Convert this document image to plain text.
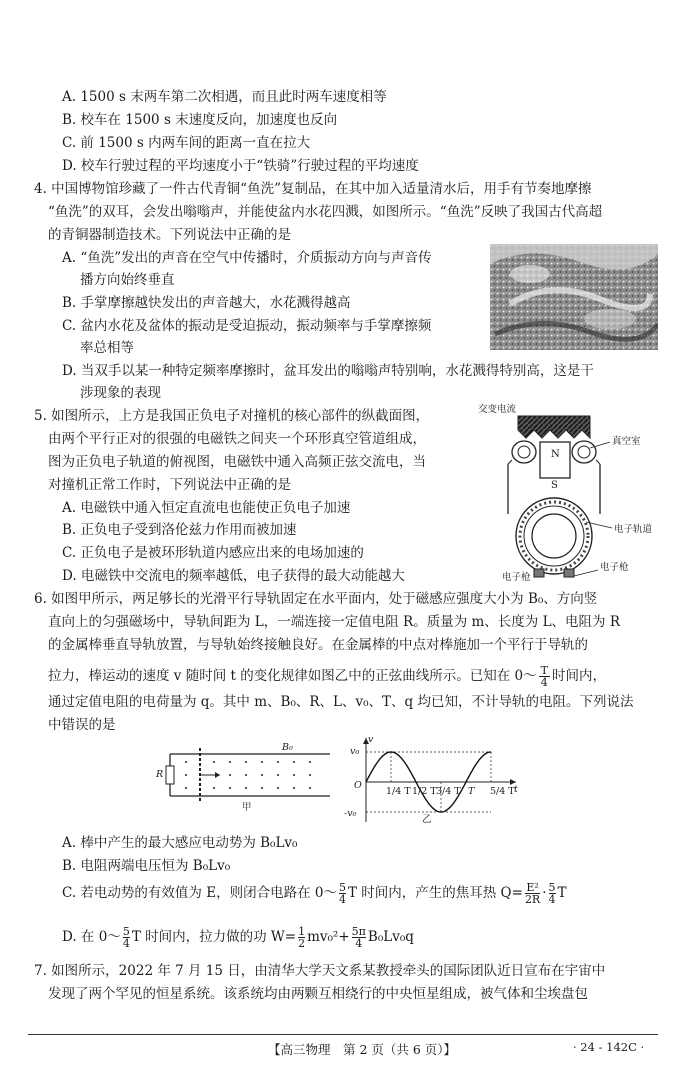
A. 1500 s 末两车第二次相遇，而且此时两车速度相等
B. 校车在 1500 s 末速度反向，加速度也反向
C. 前 1500 s 内两车间的距离一直在拉大
D. 校车行驶过程的平均速度小于“铁骑”行驶过程的平均速度
4. 中国博物馆珍藏了一件古代青铜“鱼洗”复制品，在其中加入适量清水后，用手有节奏地摩擦
“鱼洗”的双耳，会发出嗡嗡声，并能使盆内水花四溅，如图所示。“鱼洗”反映了我国古代高超
的青铜器制造技术。下列说法中正确的是
A. “鱼洗”发出的声音在空气中传播时，介质振动方向与声音传
播方向始终垂直
B. 手掌摩擦越快发出的声音越大，水花溅得越高
C. 盆内水花及盆体的振动是受迫振动，振动频率与手掌摩擦频
率总相等
D. 当双手以某一种特定频率摩擦时，盆耳发出的嗡嗡声特别响，水花溅得特别高，这是干
涉现象的表现
5. 如图所示，上方是我国正负电子对撞机的核心部件的纵截面图，
由两个平行正对的很强的电磁铁之间夹一个环形真空管道组成，
图为正负电子轨道的俯视图，电磁铁中通入高频正弦交流电，当
对撞机正常工作时，下列说法中正确的是
A. 电磁铁中通入恒定直流电也能使正负电子加速
B. 正负电子受到洛伦兹力作用而被加速
C. 正负电子是被环形轨道内感应出来的电场加速的
D. 电磁铁中交流电的频率越低，电子获得的最大动能越大
交变电流
真空室
N
S
电子轨道
电子枪
电子枪
6. 如图甲所示，两足够长的光滑平行导轨固定在水平面内，处于磁感应强度大小为 B₀、方向竖
直向上的匀强磁场中，导轨间距为 L，一端连接一定值电阻 R。质量为 m、长度为 L、电阻为 R
的金属棒垂直导轨放置，与导轨始终接触良好。在金属棒的中点对棒施加一个平行于导轨的
拉力，棒运动的速度 v 随时间 t 的变化规律如图乙中的正弦曲线所示。已知在 0～ $\frac{T}{4}$ 时间内，
通过定值电阻的电荷量为 q。其中 m、B₀、R、L、v₀、T、q 均已知，不计导轨的电阻。下列说法
中错误的是
R
B₀
甲
v
t
O
v₀
-v₀
1/4 T 1/2 T 3/4 T T 5/4 T
乙
A. 棒中产生的最大感应电动势为 B₀Lv₀
B. 电阻两端电压恒为 B₀Lv₀
C. 若电动势的有效值为 E，则闭合电路在 0～ $\frac{5}{4}$ T 时间内，产生的焦耳热 $Q= \frac{\text{E²}}{2R} \cdot \frac{5}{4}$ T
D. 在 0～ $\frac{5}{4}$ T 时间内，拉力做的功 $W= \frac{1}{2} mv_0^2+ \frac{5\pi}{4} B_0Lv_0q$
7. 如图所示，2022 年 7 月 15 日，由清华大学天文系某教授牵头的国际团队近日宣布在宇宙中
发现了两个罕见的恒星系统。该系统均由两颗互相绕行的中央恒星组成，被气体和尘埃盘包
【高三物理　第 2 页（共 6 页）】	· 24 - 142C ·
